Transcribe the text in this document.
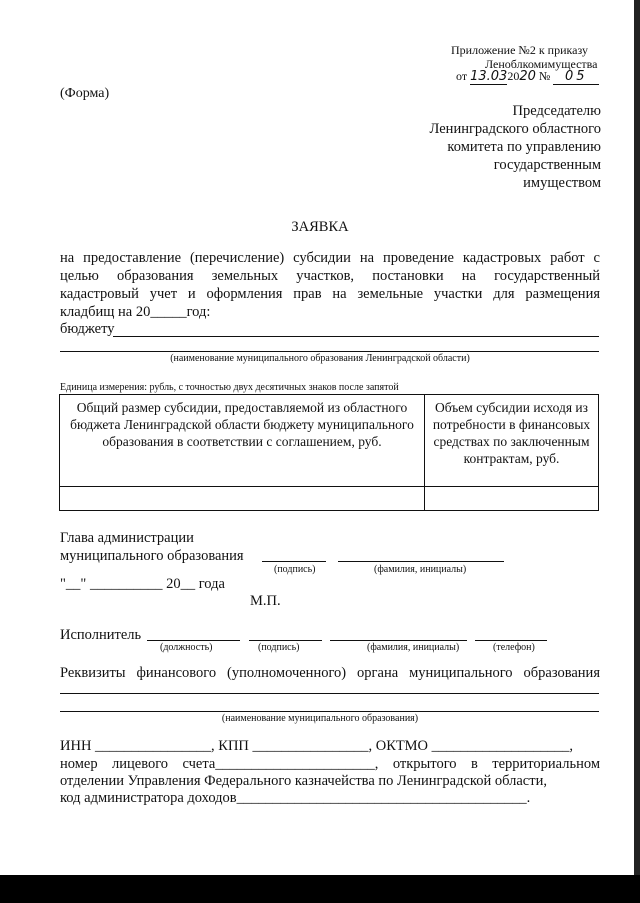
Приложение №2 к приказу
Леноблкомимущества
от 13.032020 № 05
(Форма)
Председателю
Ленинградского областного
комитета по управлению
государственным
имуществом
ЗАЯВКА
на предоставление (перечисление) субсидии на проведение кадастровых работ с
целью образования земельных участков, постановки на государственный
кадастровый учет и оформления прав на земельные участки для размещения
кладбищ на 20_____год:
бюджету
(наименование муниципального образования Ленинградской области)
Единица измерения: рубль, с точностью двух десятичных знаков после запятой
Общий размер субсидии, предоставляемой из областного бюджета Ленинградской области бюджету муниципального образования в соответствии с соглашением, руб.	Объем субсидии исходя из потребности в финансовых средствах по заключенным контрактам, руб.

Глава администрации
муниципального образования
(подпись)	(фамилия, инициалы)
"__" __________ 20__ года
М.П.
Исполнитель
(должность)	(подпись)	(фамилия, инициалы)	(телефон)
Реквизиты финансового (уполномоченного) органа муниципального образования
(наименование муниципального образования)
ИНН ________________, КПП ________________, ОКТМО ___________________,
номер лицевого счета______________________, открытого в территориальном
отделении Управления Федерального казначейства по Ленинградской области,
код администратора доходов________________________________________.
